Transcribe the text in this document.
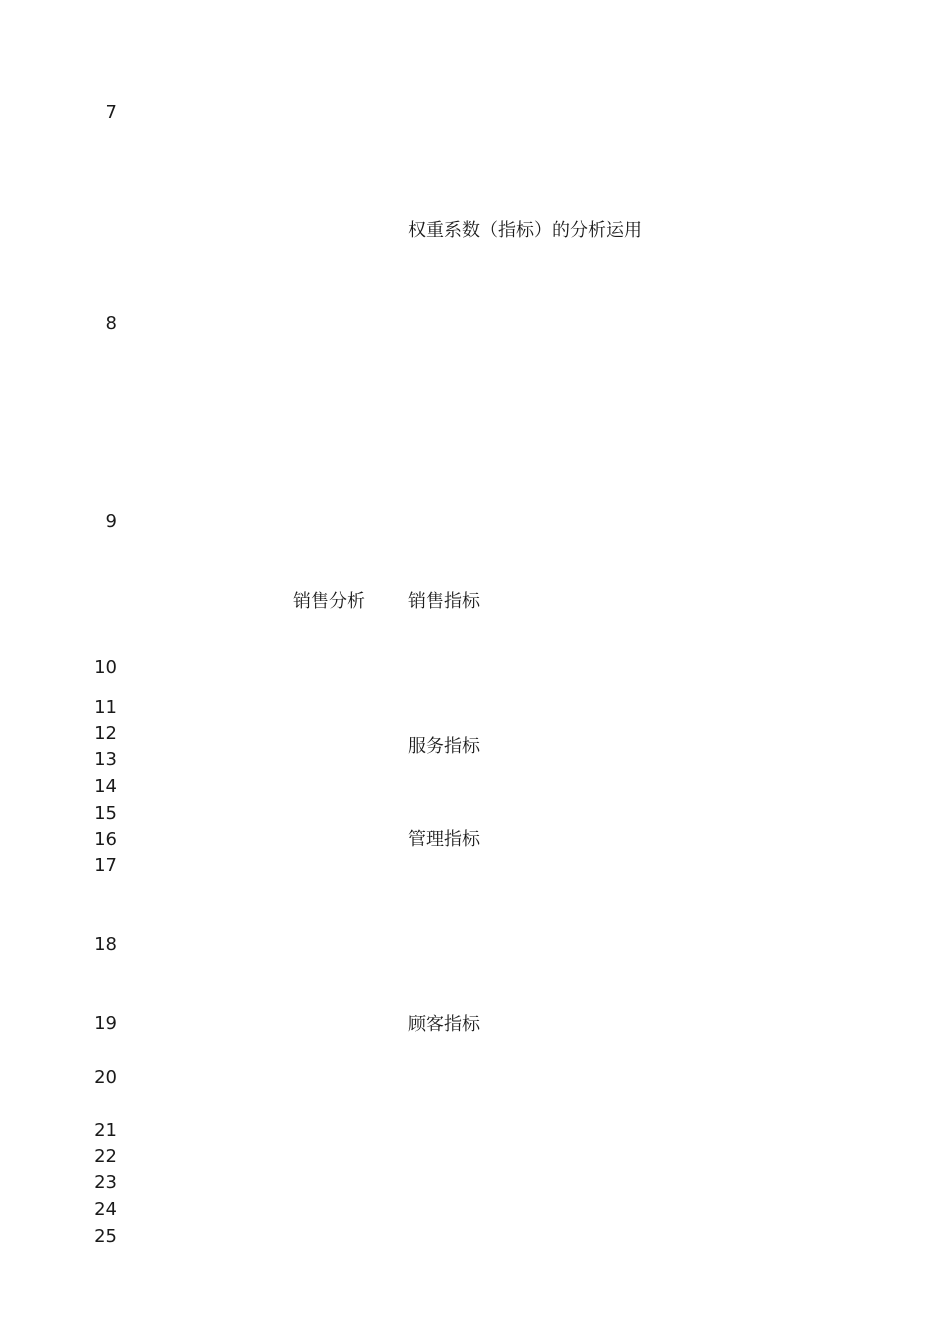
7
8
9
10
11
12
13
14
15
16
17
18
19
20
21
22
23
24
25
权重系数（指标）的分析运用
销售分析 销售指标
服务指标
管理指标
顾客指标
